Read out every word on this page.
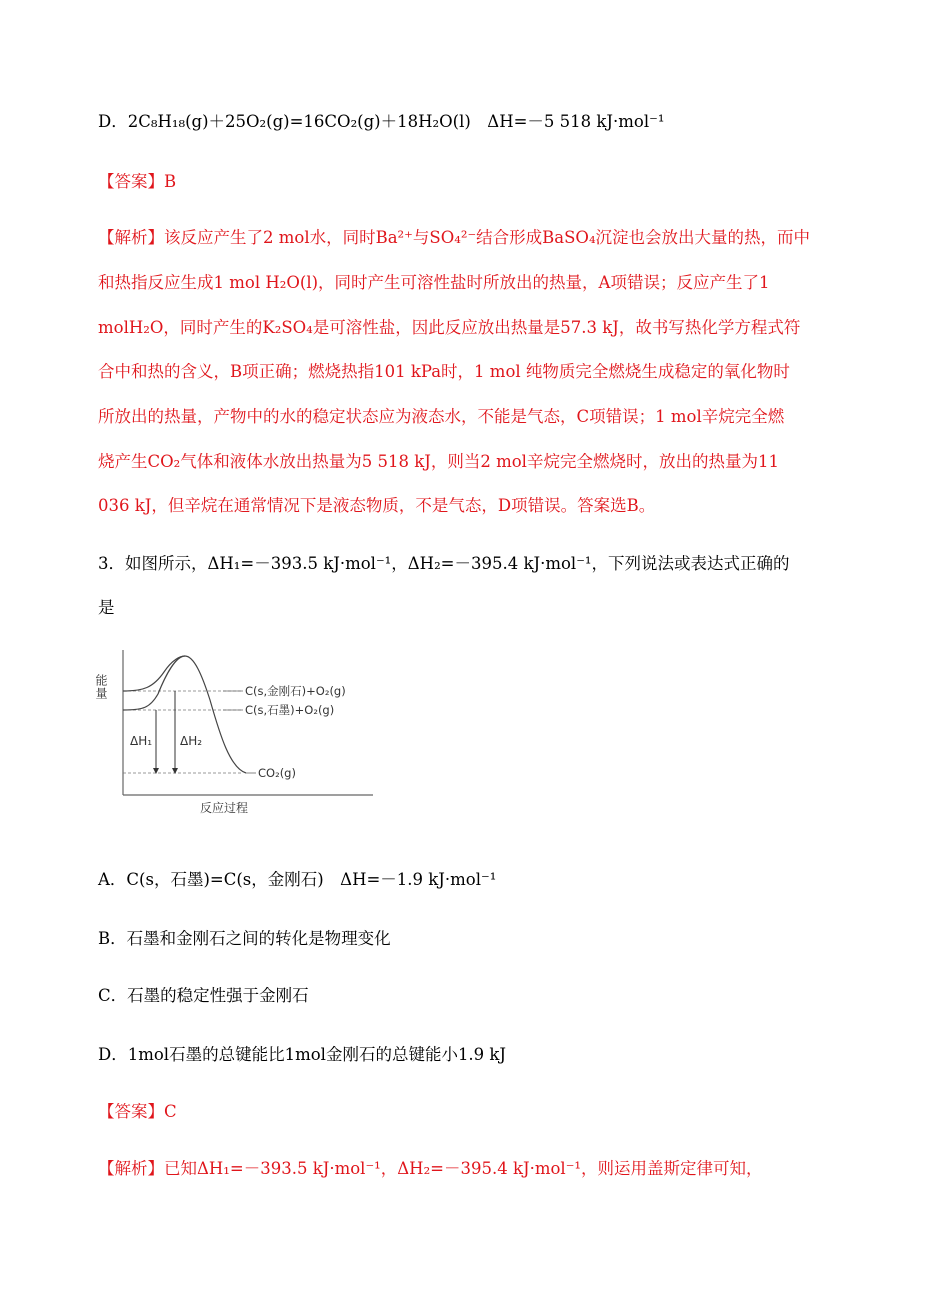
D．2C₈H₁₈(g)＋25O₂(g)=16CO₂(g)＋18H₂O(l)　ΔH=－5 518 kJ·mol⁻¹
【答案】B
【解析】该反应产生了2 mol水，同时Ba²⁺与SO₄²⁻结合形成BaSO₄沉淀也会放出大量的热，而中
和热指反应生成1 mol H₂O(l)，同时产生可溶性盐时所放出的热量，A项错误；反应产生了1
molH₂O，同时产生的K₂SO₄是可溶性盐，因此反应放出热量是57.3 kJ，故书写热化学方程式符
合中和热的含义，B项正确；燃烧热指101 kPa时，1 mol 纯物质完全燃烧生成稳定的氧化物时
所放出的热量，产物中的水的稳定状态应为液态水，不能是气态，C项错误；1 mol辛烷完全燃
烧产生CO₂气体和液体水放出热量为5 518 kJ，则当2 mol辛烷完全燃烧时，放出的热量为11
036 kJ，但辛烷在通常情况下是液态物质，不是气态，D项错误。答案选B。
3．如图所示，ΔH₁=－393.5 kJ·mol⁻¹，ΔH₂=－395.4 kJ·mol⁻¹，下列说法或表达式正确的
是
能量
反应过程
ΔH₁ ΔH₂
C(s,金刚石)+O₂(g)
C(s,石墨)+O₂(g)
CO₂(g)
A．C(s，石墨)=C(s，金刚石)　ΔH=－1.9 kJ·mol⁻¹
B．石墨和金刚石之间的转化是物理变化
C．石墨的稳定性强于金刚石
D．1mol石墨的总键能比1mol金刚石的总键能小1.9 kJ
【答案】C
【解析】已知ΔH₁=－393.5 kJ·mol⁻¹，ΔH₂=－395.4 kJ·mol⁻¹，则运用盖斯定律可知，
